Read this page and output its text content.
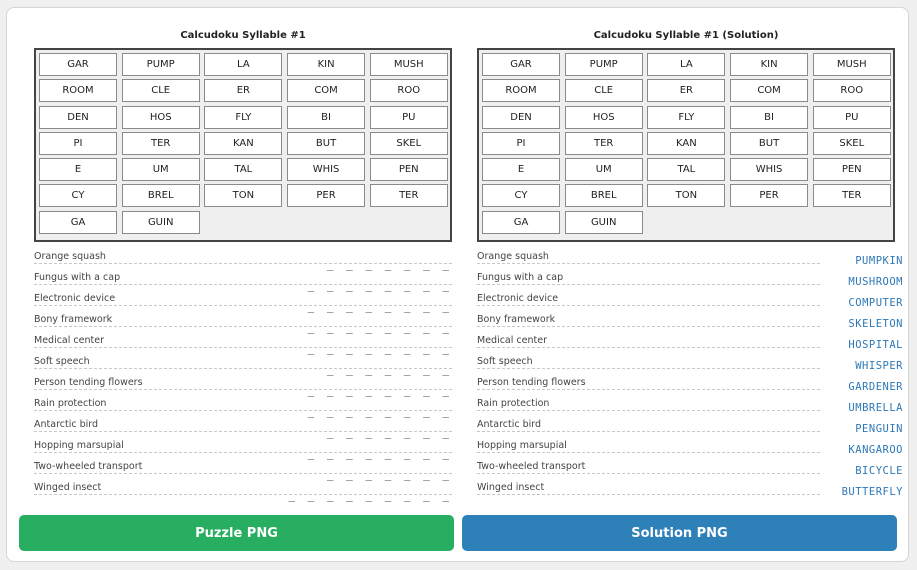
Calcudoku Syllable #1
GAR	PUMP	LA	KIN	MUSH
ROOM	CLE	ER	COM	ROO
DEN	HOS	FLY	BI	PU
PI	TER	KAN	BUT	SKEL
E	UM	TAL	WHIS	PEN
CY	BREL	TON	PER	TER
GA	GUIN
Orange squash
_ _ _ _ _ _ _
Fungus with a cap
_ _ _ _ _ _ _ _
Electronic device
_ _ _ _ _ _ _ _
Bony framework
_ _ _ _ _ _ _ _
Medical center
_ _ _ _ _ _ _ _
Soft speech
_ _ _ _ _ _ _
Person tending flowers
_ _ _ _ _ _ _ _
Rain protection
_ _ _ _ _ _ _ _
Antarctic bird
_ _ _ _ _ _ _
Hopping marsupial
_ _ _ _ _ _ _ _
Two-wheeled transport
_ _ _ _ _ _ _
Winged insect
_ _ _ _ _ _ _ _ _
Calcudoku Syllable #1 (Solution)
GAR	PUMP	LA	KIN	MUSH
ROOM	CLE	ER	COM	ROO
DEN	HOS	FLY	BI	PU
PI	TER	KAN	BUT	SKEL
E	UM	TAL	WHIS	PEN
CY	BREL	TON	PER	TER
GA	GUIN
Orange squash	PUMPKIN
Fungus with a cap	MUSHROOM
Electronic device	COMPUTER
Bony framework	SKELETON
Medical center	HOSPITAL
Soft speech	WHISPER
Person tending flowers	GARDENER
Rain protection	UMBRELLA
Antarctic bird	PENGUIN
Hopping marsupial	KANGAROO
Two-wheeled transport	BICYCLE
Winged insect	BUTTERFLY
Puzzle PNG	Solution PNG
